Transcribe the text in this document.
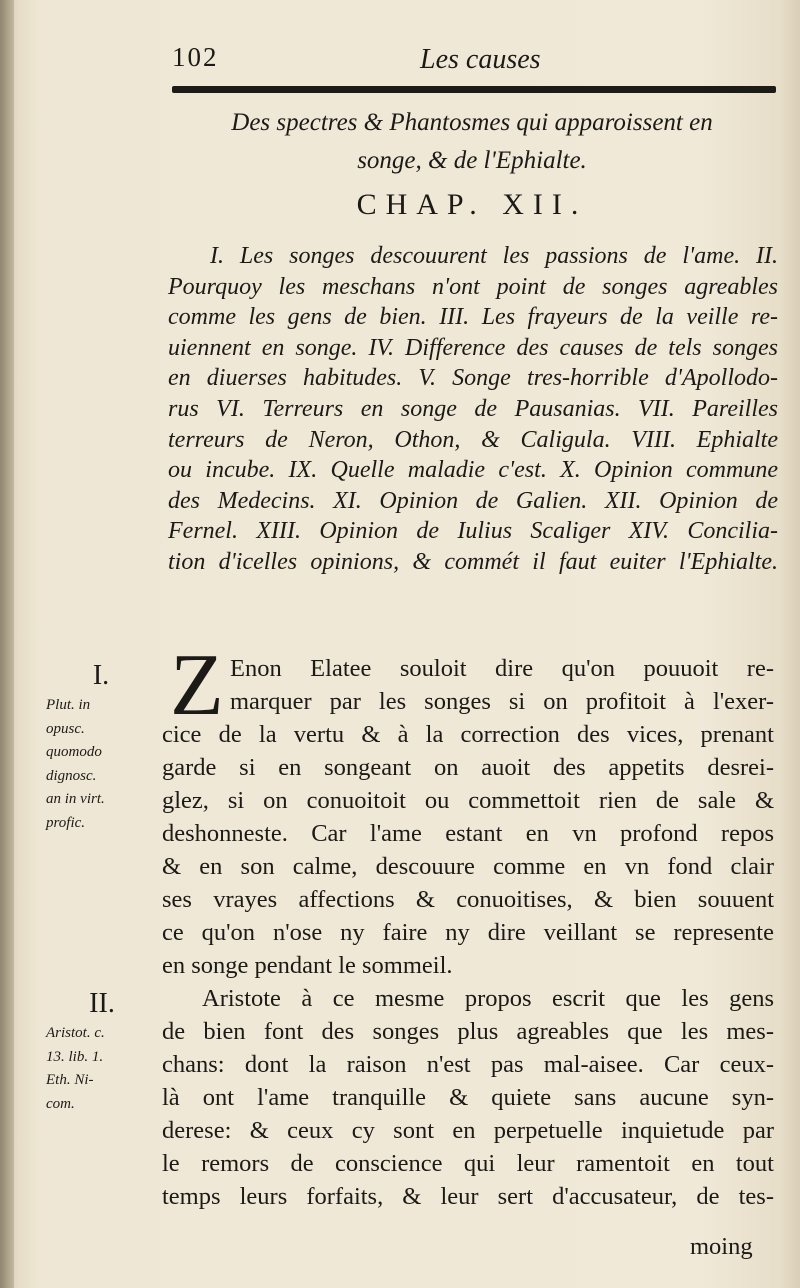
102	Les causes
Des spectres & Phantosmes qui apparoissent en
songe, & de l'Ephialte.
CHAP. XII.
I. Les songes descouurent les passions de l'ame. II.
Pourquoy les meschans n'ont point de songes agreables
comme les gens de bien. III. Les frayeurs de la veille re-
uiennent en songe. IV. Difference des causes de tels songes
en diuerses habitudes. V. Songe tres-horrible d'Apollodo-
rus VI. Terreurs en songe de Pausanias. VII. Pareilles
terreurs de Neron, Othon, & Caligula. VIII. Ephialte
ou incube. IX. Quelle maladie c'est. X. Opinion commune
des Medecins. XI. Opinion de Galien. XII. Opinion de
Fernel. XIII. Opinion de Iulius Scaliger XIV. Concilia-
tion d'icelles opinions, & commét il faut euiter l'Ephialte.
I.
Plut. in
opusc.
quomodo
dignosc.
an in virt.
profic.
II.
Aristot. c.
13. lib. 1.
Eth. Ni-
com.
Z Enon Elatee souloit dire qu'on pouuoit re-
marquer par les songes si on profitoit à l'exer-
cice de la vertu & à la correction des vices, prenant
garde si en songeant on auoit des appetits desrei-
glez, si on conuoitoit ou commettoit rien de sale &
deshonneste. Car l'ame estant en vn profond repos
& en son calme, descouure comme en vn fond clair
ses vrayes affections & conuoitises, & bien souuent
ce qu'on n'ose ny faire ny dire veillant se represente
en songe pendant le sommeil.
Aristote à ce mesme propos escrit que les gens
de bien font des songes plus agreables que les mes-
chans: dont la raison n'est pas mal-aisee. Car ceux-
là ont l'ame tranquille & quiete sans aucune syn-
derese: & ceux cy sont en perpetuelle inquietude par
le remors de conscience qui leur ramentoit en tout
temps leurs forfaits, & leur sert d'accusateur, de tes-
moing
